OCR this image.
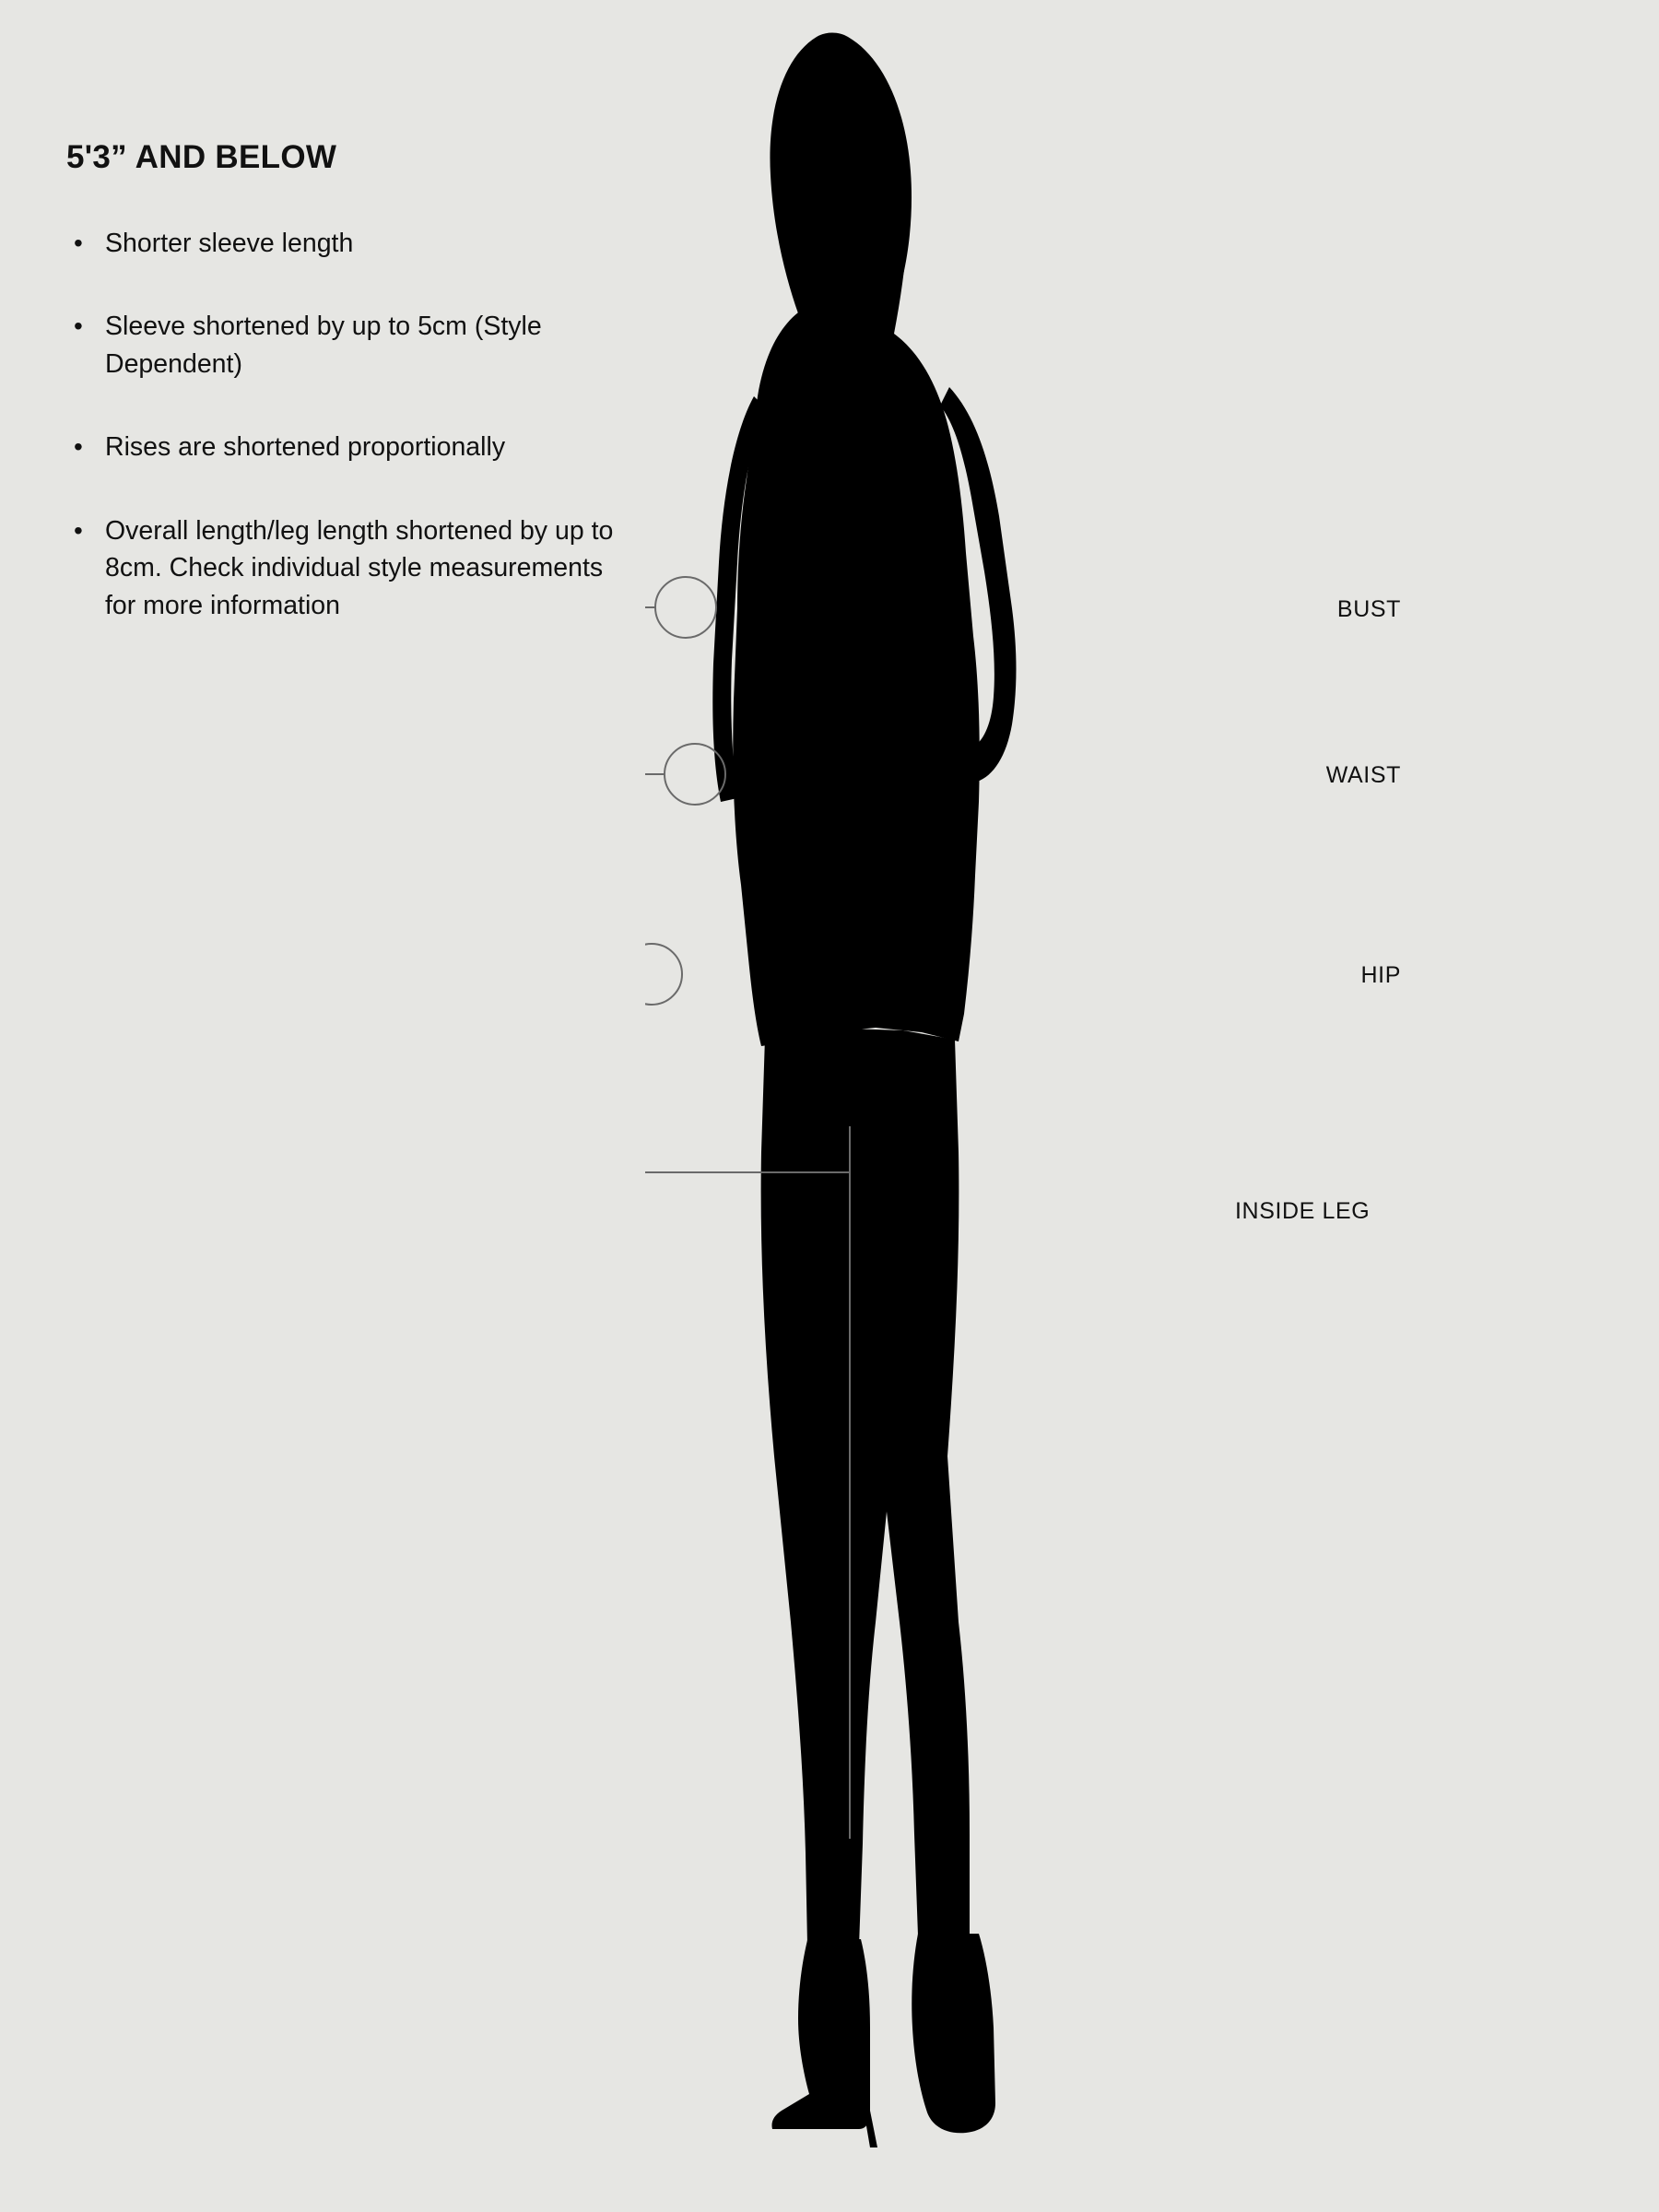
5'3” AND BELOW
• Shorter sleeve length
• Sleeve shortened by up to 5cm (Style Dependent)
• Rises are shortened proportionally
• Overall length/leg length shortened by up to 8cm. Check individual style measurements for more information	BUST
WAIST
HIP
INSIDE LEG
